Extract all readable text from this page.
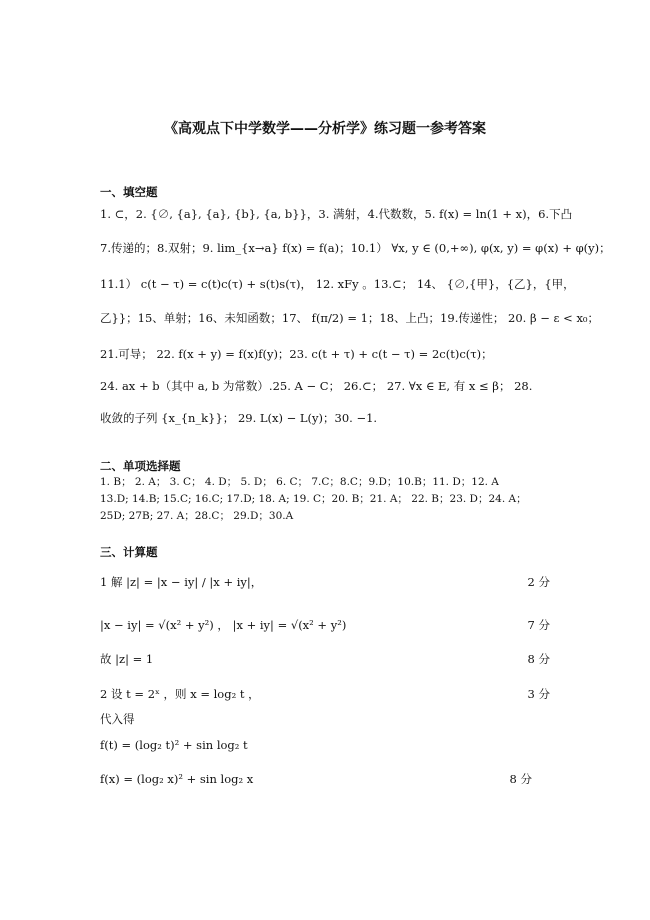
《高观点下中学数学——分析学》练习题一参考答案
一、填空题
1. ⊂，2. {∅, {a}, {a}, {b}, {a, b}}，3. 满射，4.代数数，5. f(x) = ln(1 + x)，6.下凸
7.传递的；8.双射；9. lim_{x→a} f(x) = f(a)；10.1） ∀x, y ∈ (0,+∞), φ(x, y) = φ(x) + φ(y)；
11.1） c(t − τ) = c(t)c(τ) + s(t)s(τ)， 12. xFy 。13.⊂； 14、 {∅,{甲}，{乙}，{甲，
乙}}；15、单射；16、未知函数；17、 f(π/2) = 1；18、上凸；19.传递性； 20. β − ε < x₀；
21.可导； 22. f(x + y) = f(x)f(y)；23. c(t + τ) + c(t − τ) = 2c(t)c(τ)；
24. ax + b（其中 a, b 为常数）.25. A − C； 26.⊂； 27. ∀x ∈ E, 有 x ≤ β； 28.
收敛的子列 {x_{n_k}}； 29. L(x) − L(y)；30. −1.
二、单项选择题
1. B； 2. A； 3. C； 4. D； 5. D； 6. C； 7.C；8.C；9.D；10.B；11. D；12. A
13.D; 14.B; 15.C; 16.C; 17.D; 18. A; 19. C；20. B；21. A； 22. B；23. D；24. A；
25D; 27B; 27. A；28.C； 29.D；30.A
三、计算题
1 解 |z| = |x − iy| / |x + iy|，	2 分
|x − iy| = √(x² + y²) ， |x + iy| = √(x² + y²)	7 分
故 |z| = 1	8 分
2 设 t = 2ˣ ，则 x = log₂ t ，	3 分
代入得
f(t) = (log₂ t)² + sin log₂ t
f(x) = (log₂ x)² + sin log₂ x	8 分
